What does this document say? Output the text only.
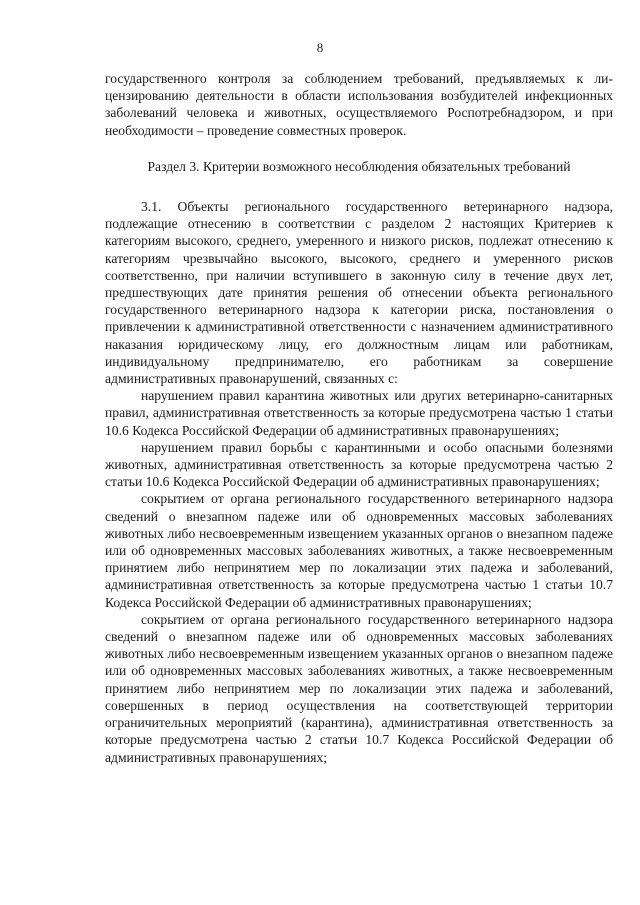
8

государственного контроля за соблюдением требований, предъявляемых к лицензированию деятельности в области использования возбудителей инфекционных заболеваний человека и животных, осуществляемого Роспотребнадзором, и при необходимости – проведение совместных проверок.

Раздел 3. Критерии возможного несоблюдения обязательных требований

3.1. Объекты регионального государственного ветеринарного надзора, подлежащие отнесению в соответствии с разделом 2 настоящих Критериев к категориям высокого, среднего, умеренного и низкого рисков, подлежат отнесению к категориям чрезвычайно высокого, высокого, среднего и умеренного рисков соответственно, при наличии вступившего в законную силу в течение двух лет, предшествующих дате принятия решения об отнесении объекта регионального государственного ветеринарного надзора к категории риска, постановления о привлечении к административной ответственности с назначением административного наказания юридическому лицу, его должностным лицам или работникам, индивидуальному предпринимателю, его работникам за совершение административных правонарушений, связанных с:

нарушением правил карантина животных или других ветеринарно-санитарных правил, административная ответственность за которые предусмотрена частью 1 статьи 10.6 Кодекса Российской Федерации об административных правонарушениях;

нарушением правил борьбы с карантинными и особо опасными болезнями животных, административная ответственность за которые предусмотрена частью 2 статьи 10.6 Кодекса Российской Федерации об административных правонарушениях;

сокрытием от органа регионального государственного ветеринарного надзора сведений о внезапном падеже или об одновременных массовых заболеваниях животных либо несвоевременным извещением указанных органов о внезапном падеже или об одновременных массовых заболеваниях животных, а также несвоевременным принятием либо непринятием мер по локализации этих падежа и заболеваний, административная ответственность за которые предусмотрена частью 1 статьи 10.7 Кодекса Российской Федерации об административных правонарушениях;

сокрытием от органа регионального государственного ветеринарного надзора сведений о внезапном падеже или об одновременных массовых заболеваниях животных либо несвоевременным извещением указанных органов о внезапном падеже или об одновременных массовых заболеваниях животных, а также несвоевременным принятием либо непринятием мер по локализации этих падежа и заболеваний, совершенных в период осуществления на соответствующей территории ограничительных мероприятий (карантина), административная ответственность за которые предусмотрена частью 2 статьи 10.7 Кодекса Российской Федерации об административных правонарушениях;
